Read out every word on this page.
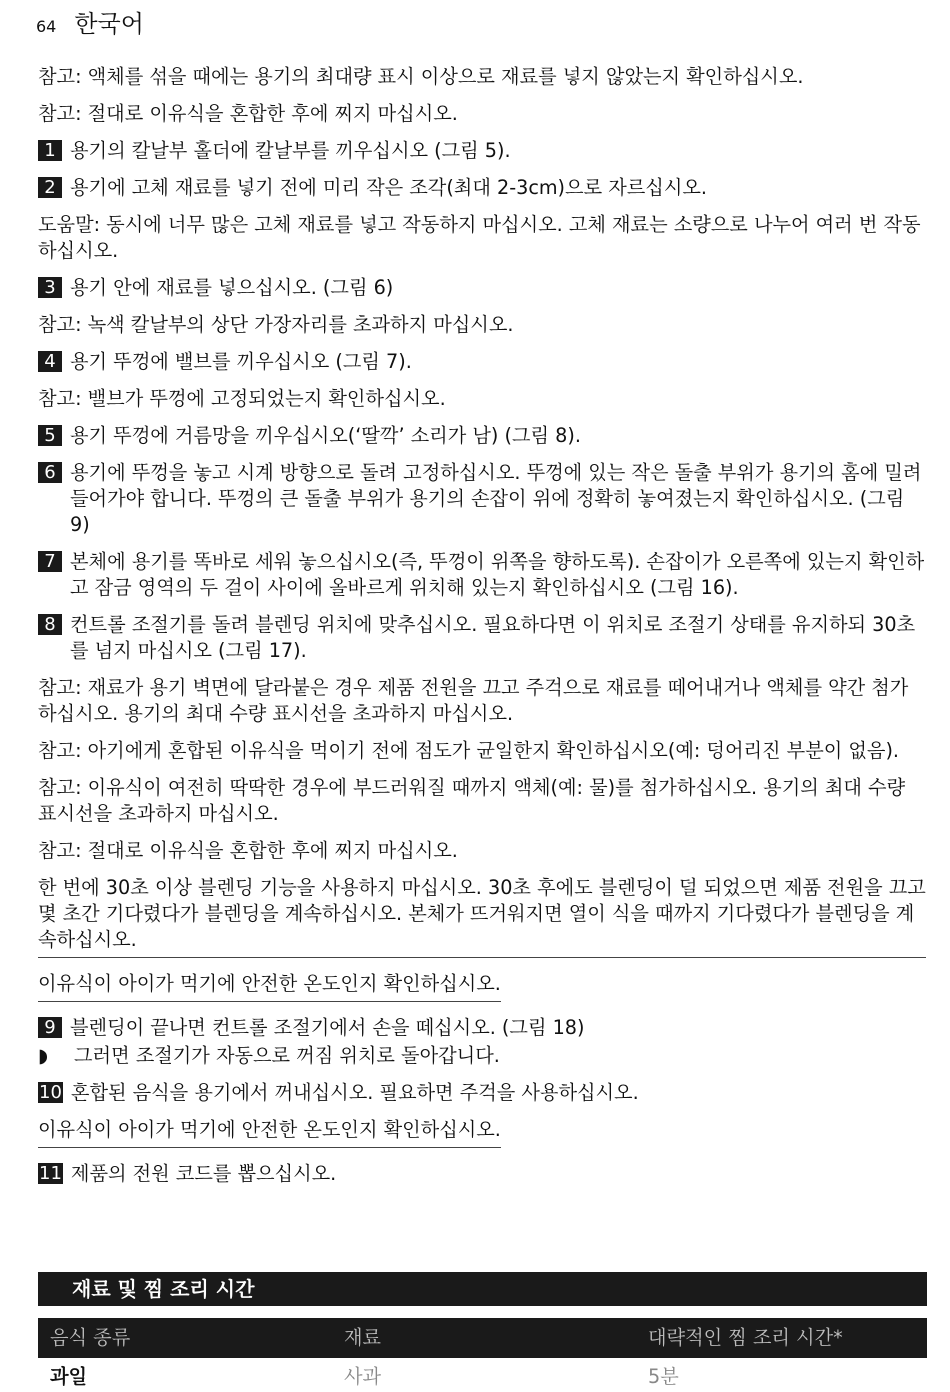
64 한국어
참고: 액체를 섞을 때에는 용기의 최대량 표시 이상으로 재료를 넣지 않았는지 확인하십시오.
참고: 절대로 이유식을 혼합한 후에 찌지 마십시오.
1 용기의 칼날부 홀더에 칼날부를 끼우십시오 (그림 5).
2 용기에 고체 재료를 넣기 전에 미리 작은 조각(최대 2-3cm)으로 자르십시오.
도움말: 동시에 너무 많은 고체 재료를 넣고 작동하지 마십시오. 고체 재료는 소량으로 나누어 여러 번 작동하십시오.
3 용기 안에 재료를 넣으십시오. (그림 6)
참고: 녹색 칼날부의 상단 가장자리를 초과하지 마십시오.
4 용기 뚜껑에 밸브를 끼우십시오 (그림 7).
참고: 밸브가 뚜껑에 고정되었는지 확인하십시오.
5 용기 뚜껑에 거름망을 끼우십시오(‘딸깍’ 소리가 남) (그림 8).
6 용기에 뚜껑을 놓고 시계 방향으로 돌려 고정하십시오. 뚜껑에 있는 작은 돌출 부위가 용기의 홈에 밀려 들어가야 합니다. 뚜껑의 큰 돌출 부위가 용기의 손잡이 위에 정확히 놓여졌는지 확인하십시오. (그림 9)
7 본체에 용기를 똑바로 세워 놓으십시오(즉, 뚜껑이 위쪽을 향하도록). 손잡이가 오른쪽에 있는지 확인하고 잠금 영역의 두 걸이 사이에 올바르게 위치해 있는지 확인하십시오 (그림 16).
8 컨트롤 조절기를 돌려 블렌딩 위치에 맞추십시오. 필요하다면 이 위치로 조절기 상태를 유지하되 30초를 넘지 마십시오 (그림 17).
참고: 재료가 용기 벽면에 달라붙은 경우 제품 전원을 끄고 주걱으로 재료를 떼어내거나 액체를 약간 첨가하십시오. 용기의 최대 수량 표시선을 초과하지 마십시오.
참고: 아기에게 혼합된 이유식을 먹이기 전에 점도가 균일한지 확인하십시오(예: 덩어리진 부분이 없음).
참고: 이유식이 여전히 딱딱한 경우에 부드러워질 때까지 액체(예: 물)를 첨가하십시오. 용기의 최대 수량 표시선을 초과하지 마십시오.
참고: 절대로 이유식을 혼합한 후에 찌지 마십시오.
한 번에 30초 이상 블렌딩 기능을 사용하지 마십시오. 30초 후에도 블렌딩이 덜 되었으면 제품 전원을 끄고 몇 초간 기다렸다가 블렌딩을 계속하십시오. 본체가 뜨거워지면 열이 식을 때까지 기다렸다가 블렌딩을 계속하십시오.
이유식이 아이가 먹기에 안전한 온도인지 확인하십시오.
9 블렌딩이 끝나면 컨트롤 조절기에서 손을 떼십시오. (그림 18)
◗	그러면 조절기가 자동으로 꺼짐 위치로 돌아갑니다.
10 혼합된 음식을 용기에서 꺼내십시오. 필요하면 주걱을 사용하십시오.
이유식이 아이가 먹기에 안전한 온도인지 확인하십시오.
11 제품의 전원 코드를 뽑으십시오.
재료 및 찜 조리 시간
음식 종류	재료	대략적인 찜 조리 시간*
과일	사과	5분
